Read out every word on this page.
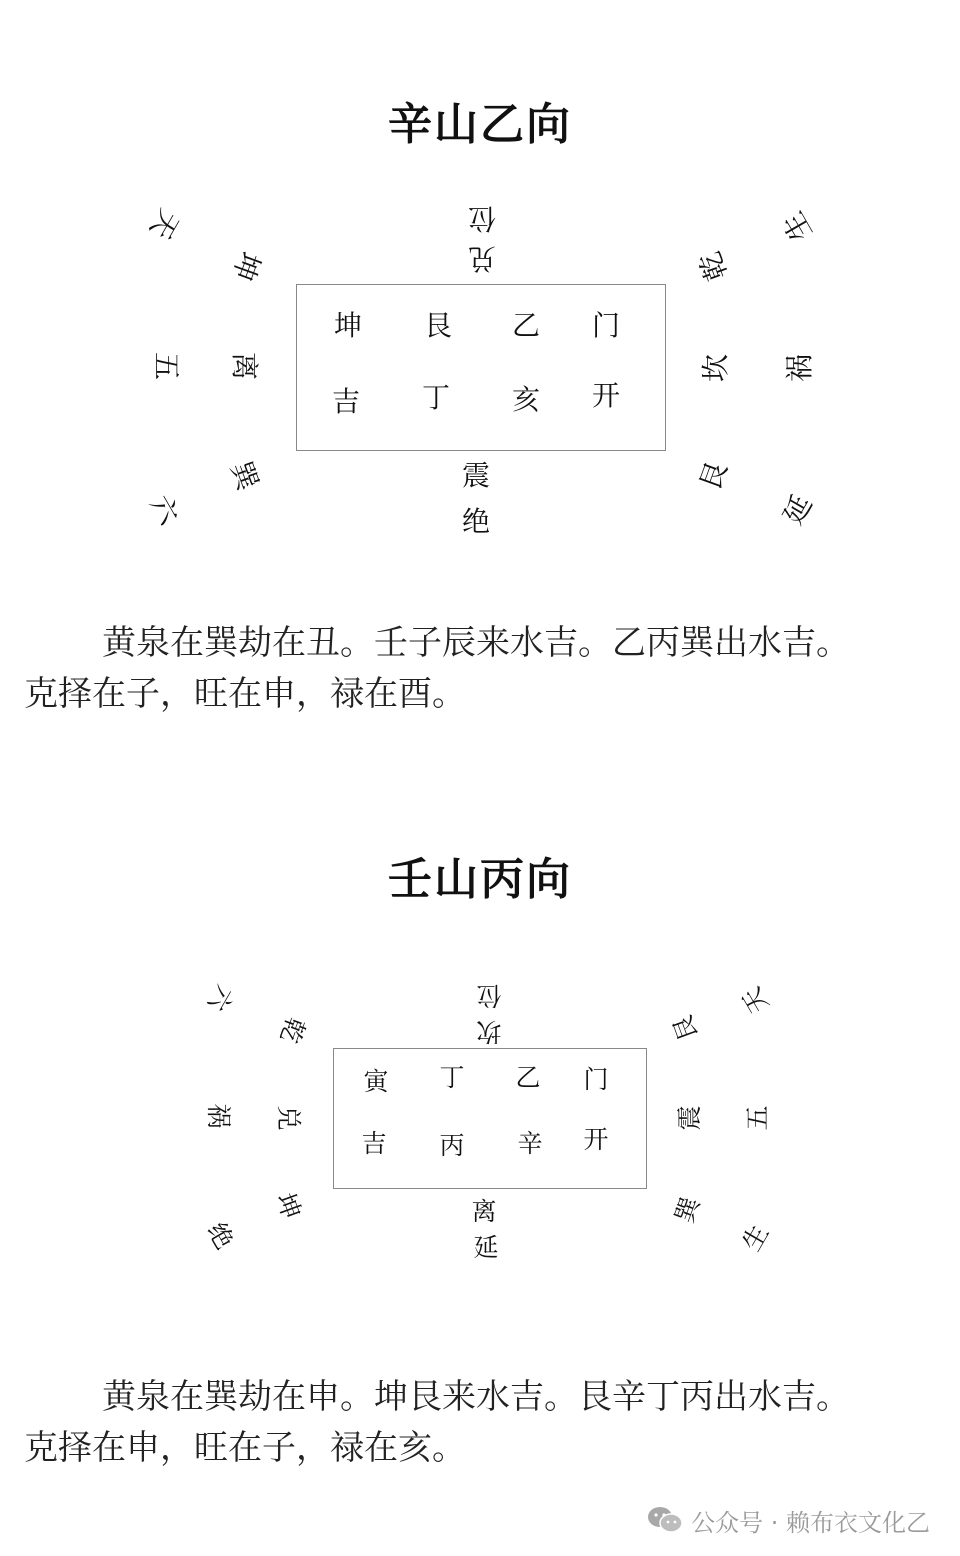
辛山乙向
坤 艮 乙 门
吉 丁 亥 开
位
兑
震
绝
坤
离
巽
天
五
六
乾
坎
艮
生
祸
延
黄泉在巽劫在丑。壬子辰来水吉。乙丙巽出水吉。
克择在子，旺在申，禄在酉。
壬山丙向
寅	丁	乙	门
吉	丙	辛	开
位
坎
离
延
乾
兑
坤
六
祸
绝
艮
震
巽
天
五
生
黄泉在巽劫在申。坤艮来水吉。艮辛丁丙出水吉。
克择在申，旺在子，禄在亥。
公众号 · 赖布衣文化乙
